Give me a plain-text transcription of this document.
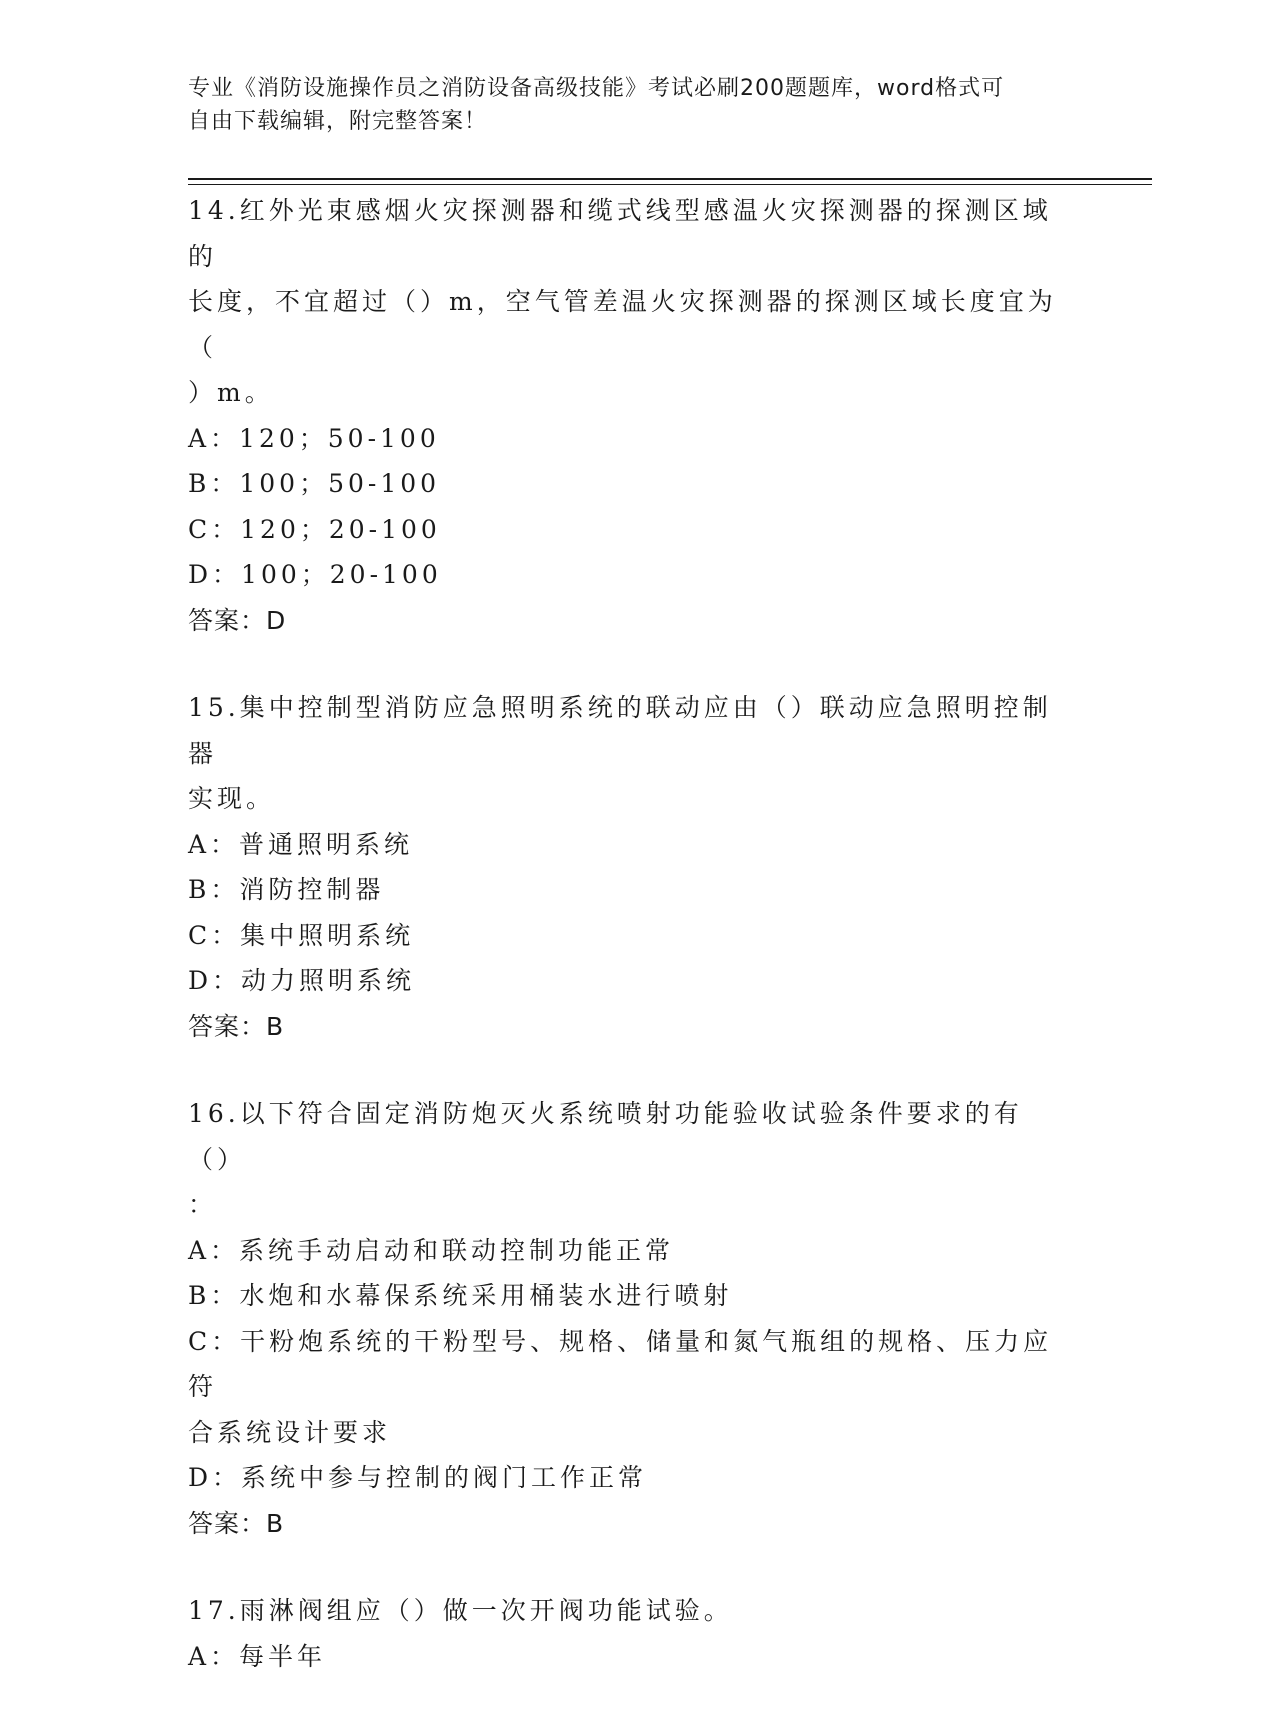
专业《消防设施操作员之消防设备高级技能》考试必刷200题题库，word格式可
自由下载编辑，附完整答案！
14.红外光束感烟火灾探测器和缆式线型感温火灾探测器的探测区域的
长度，不宜超过（）m，空气管差温火灾探测器的探测区域长度宜为（
）m。
A：120；50-100
B：100；50-100
C：120；20-100
D：100；20-100
答案：D
15.集中控制型消防应急照明系统的联动应由（）联动应急照明控制器
实现。
A：普通照明系统
B：消防控制器
C：集中照明系统
D：动力照明系统
答案：B
16.以下符合固定消防炮灭火系统喷射功能验收试验条件要求的有（）
：
A：系统手动启动和联动控制功能正常
B：水炮和水幕保系统采用桶装水进行喷射
C：干粉炮系统的干粉型号、规格、储量和氮气瓶组的规格、压力应符
合系统设计要求
D：系统中参与控制的阀门工作正常
答案：B
17.雨淋阀组应（）做一次开阀功能试验。
A：每半年
